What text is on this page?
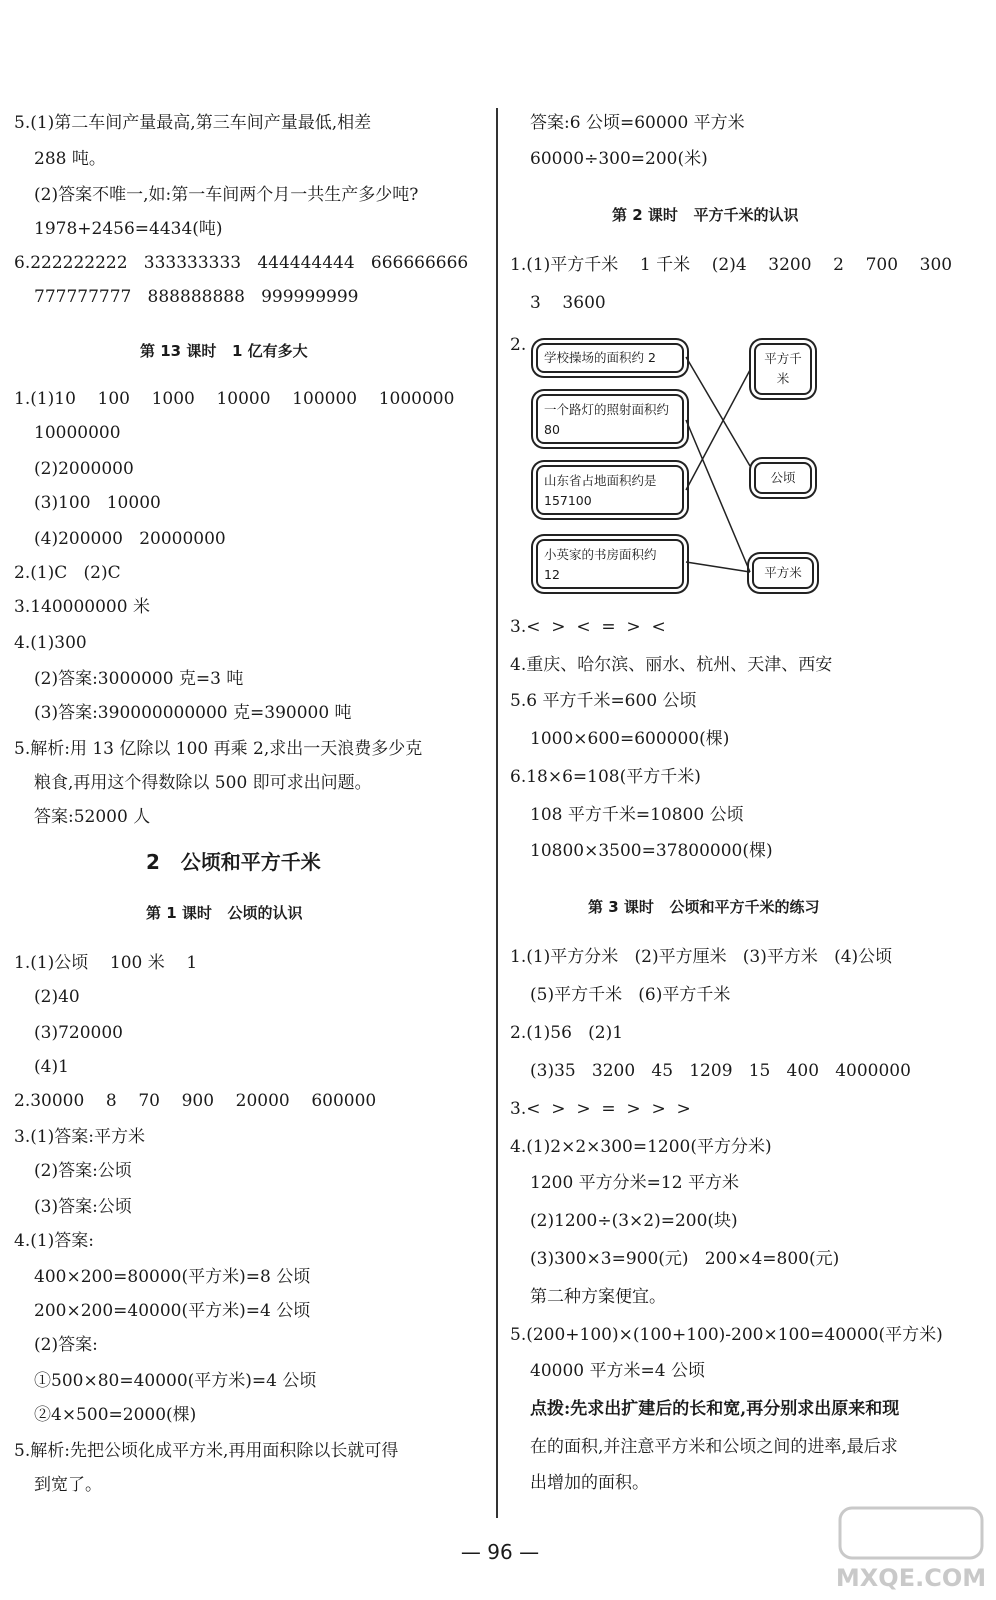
5.(1)第二车间产量最高,第三车间产量最低,相差
288 吨。
(2)答案不唯一,如:第一车间两个月一共生产多少吨?
1978+2456=4434(吨)
6.222222222   333333333   444444444   666666666
777777777   888888888   999999999
第 13 课时   1 亿有多大
1.(1)10    100    1000    10000    100000    1000000
10000000
(2)2000000
(3)100   10000
(4)200000   20000000
2.(1)C   (2)C
3.140000000 米
4.(1)300
(2)答案:3000000 克=3 吨
(3)答案:390000000000 克=390000 吨
5.解析:用 13 亿除以 100 再乘 2,求出一天浪费多少克
粮食,再用这个得数除以 500 即可求出问题。
答案:52000 人
2   公顷和平方千米
第 1 课时   公顷的认识
1.(1)公顷    100 米    1
(2)40
(3)720000
(4)1
2.30000    8    70    900    20000    600000
3.(1)答案:平方米
(2)答案:公顷
(3)答案:公顷
4.(1)答案:
400×200=80000(平方米)=8 公顷
200×200=40000(平方米)=4 公顷
(2)答案:
①500×80=40000(平方米)=4 公顷
②4×500=2000(棵)
5.解析:先把公顷化成平方米,再用面积除以长就可得
到宽了。
答案:6 公顷=60000 平方米
60000÷300=200(米)
第 2 课时   平方千米的认识
1.(1)平方千米    1 千米    (2)4    3200    2    700    300
3    3600
2.
学校操场的面积约 2
一个路灯的照射面积约 80
山东省占地面积约是 157100
小英家的书房面积约 12
平方千米
公顷
平方米
3.<  >  <  =  >  <
4.重庆、哈尔滨、丽水、杭州、天津、西安
5.6 平方千米=600 公顷
1000×600=600000(棵)
6.18×6=108(平方千米)
108 平方千米=10800 公顷
10800×3500=37800000(棵)
第 3 课时   公顷和平方千米的练习
1.(1)平方分米   (2)平方厘米   (3)平方米   (4)公顷
(5)平方千米   (6)平方千米
2.(1)56   (2)1
(3)35   3200   45   1209   15   400   4000000
3.<  >  >  =  >  >  >
4.(1)2×2×300=1200(平方分米)
1200 平方分米=12 平方米
(2)1200÷(3×2)=200(块)
(3)300×3=900(元)   200×4=800(元)
第二种方案便宜。
5.(200+100)×(100+100)-200×100=40000(平方米)
40000 平方米=4 公顷
点拨:先求出扩建后的长和宽,再分别求出原来和现
在的面积,并注意平方米和公顷之间的进率,最后求
出增加的面积。
— 96 —
MXQE.COM
